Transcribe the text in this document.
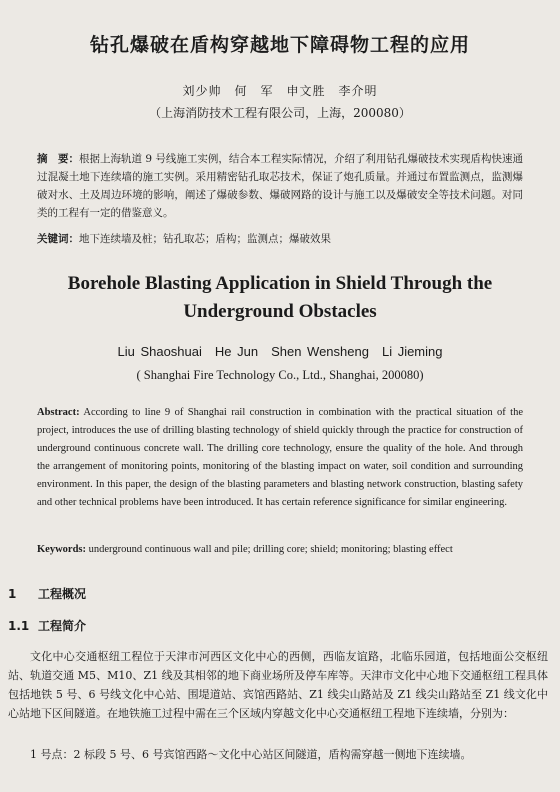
钻孔爆破在盾构穿越地下障碍物工程的应用
刘少帅　何　军　申文胜　李介明
（上海消防技术工程有限公司，上海，200080）
摘　要：根据上海轨道 9 号线施工实例，结合本工程实际情况，介绍了利用钻孔爆破技术实现盾构快速通过混凝土地下连续墙的施工实例。采用精密钻孔取芯技术，保证了炮孔质量。并通过布置监测点，监测爆破对水、土及周边环境的影响，阐述了爆破参数、爆破网路的设计与施工以及爆破安全等技术问题。对同类的工程有一定的借鉴意义。
关键词：地下连续墙及桩；钻孔取芯；盾构；监测点；爆破效果
Borehole Blasting Application in Shield Through the
Underground Obstacles
Liu Shaoshuai　He Jun　Shen Wensheng　Li Jieming
( Shanghai Fire Technology Co., Ltd., Shanghai, 200080)
Abstract: According to line 9 of Shanghai rail construction in combination with the practical situation of the project, introduces the use of drilling blasting technology of shield quickly through the practice for construction of underground continuous concrete wall. The drilling core technology, ensure the quality of the hole. And through the arrangement of monitoring points, monitoring of the blasting impact on water, soil condition and surrounding environment. In this paper, the design of the blasting parameters and blasting network construction, blasting safety and other technical problems have been introduced. It has certain reference significance for similar engineering.
Keywords: underground continuous wall and pile; drilling core; shield; monitoring; blasting effect
1 工程概况
1.1 工程简介
文化中心交通枢纽工程位于天津市河西区文化中心的西侧，西临友谊路，北临乐园道，包括地面公交枢纽站、轨道交通 M5、M10、Z1 线及其相邻的地下商业场所及停车库等。天津市文化中心地下交通枢纽工程具体包括地铁 5 号、6 号线文化中心站、围堤道站、宾馆西路站、Z1 线尖山路站及 Z1 线尖山路站至 Z1 线文化中心站地下区间隧道。在地铁施工过程中需在三个区域内穿越文化中心交通枢纽工程地下连续墙，分别为：
1 号点：2 标段 5 号、6 号宾馆西路～文化中心站区间隧道，盾构需穿越一侧地下连续墙。
